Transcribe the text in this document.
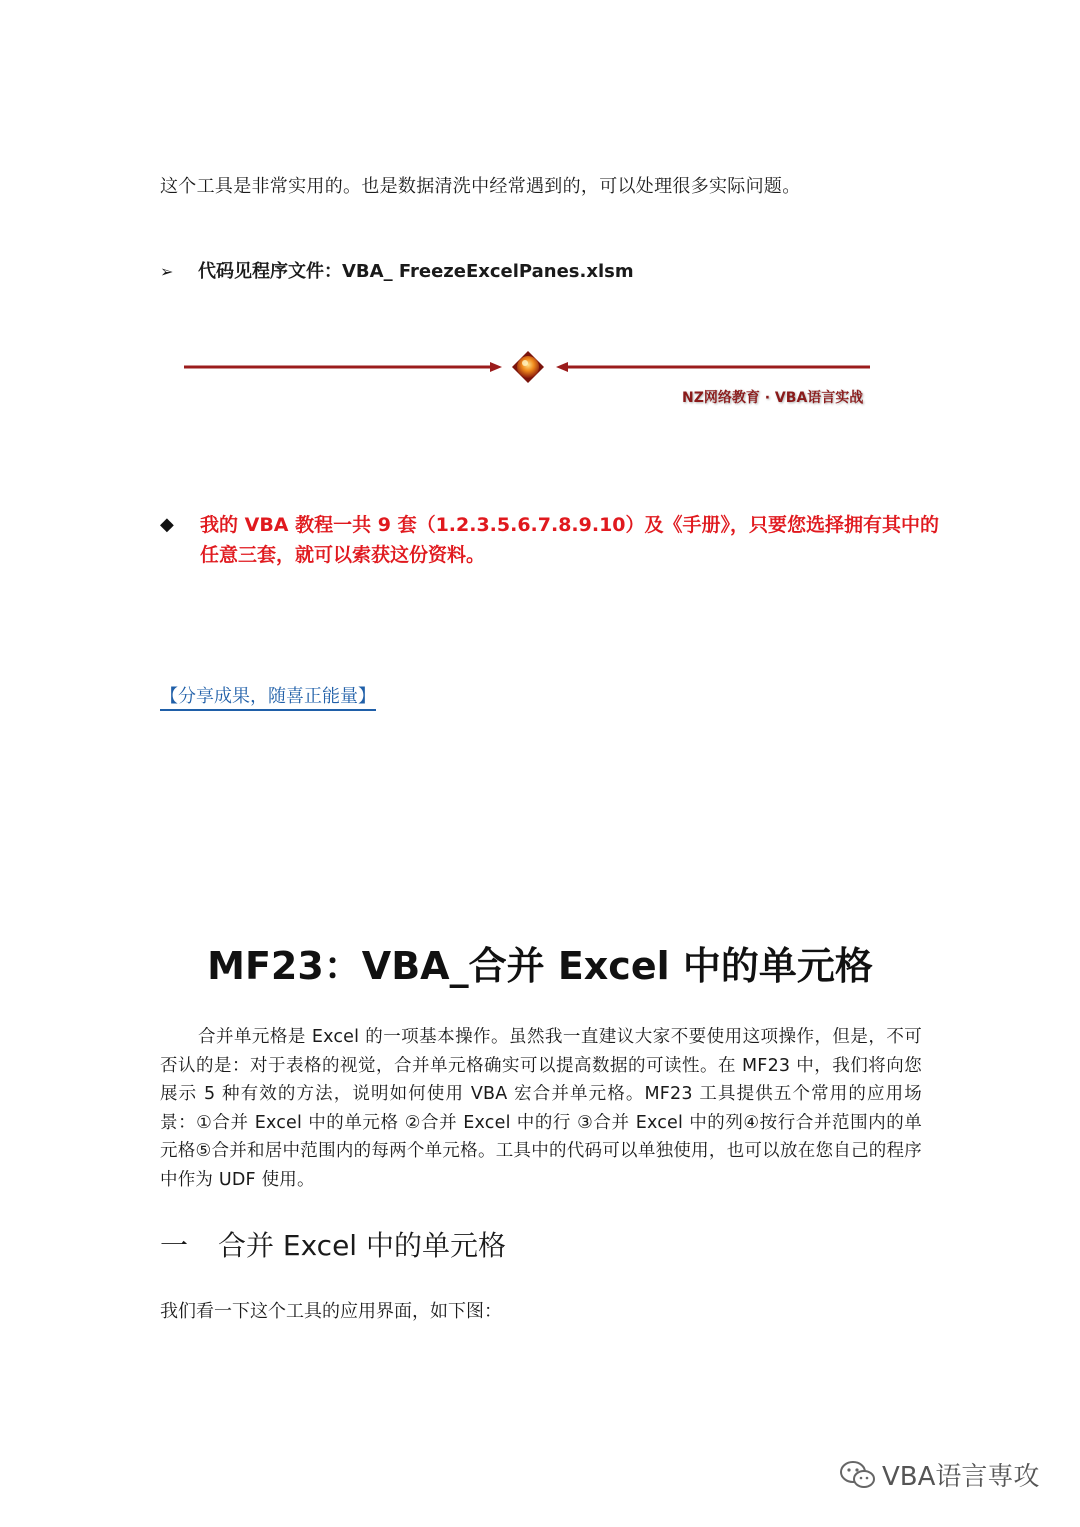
这个工具是非常实用的。也是数据清洗中经常遇到的，可以处理很多实际问题。
➢ 代码见程序文件：VBA_ FreezeExcelPanes.xlsm
NZ网络教育 · VBA语言实战
◆ 我的 VBA 教程一共 9 套（1.2.3.5.6.7.8.9.10）及《手册》，只要您选择拥有其中的任意三套，就可以索获这份资料。
【分享成果，随喜正能量】
MF23：VBA_合并 Excel 中的单元格
合并单元格是 Excel 的一项基本操作。虽然我一直建议大家不要使用这项操作，但是，不可否认的是：对于表格的视觉，合并单元格确实可以提高数据的可读性。在 MF23 中，我们将向您展示 5 种有效的方法，说明如何使用 VBA 宏合并单元格。MF23 工具提供五个常用的应用场景：①合并 Excel 中的单元格 ②合并 Excel 中的行 ③合并 Excel 中的列④按行合并范围内的单元格⑤合并和居中范围内的每两个单元格。工具中的代码可以单独使用，也可以放在您自己的程序中作为 UDF 使用。
一 合并 Excel 中的单元格
我们看一下这个工具的应用界面，如下图：
VBA语言専攻
